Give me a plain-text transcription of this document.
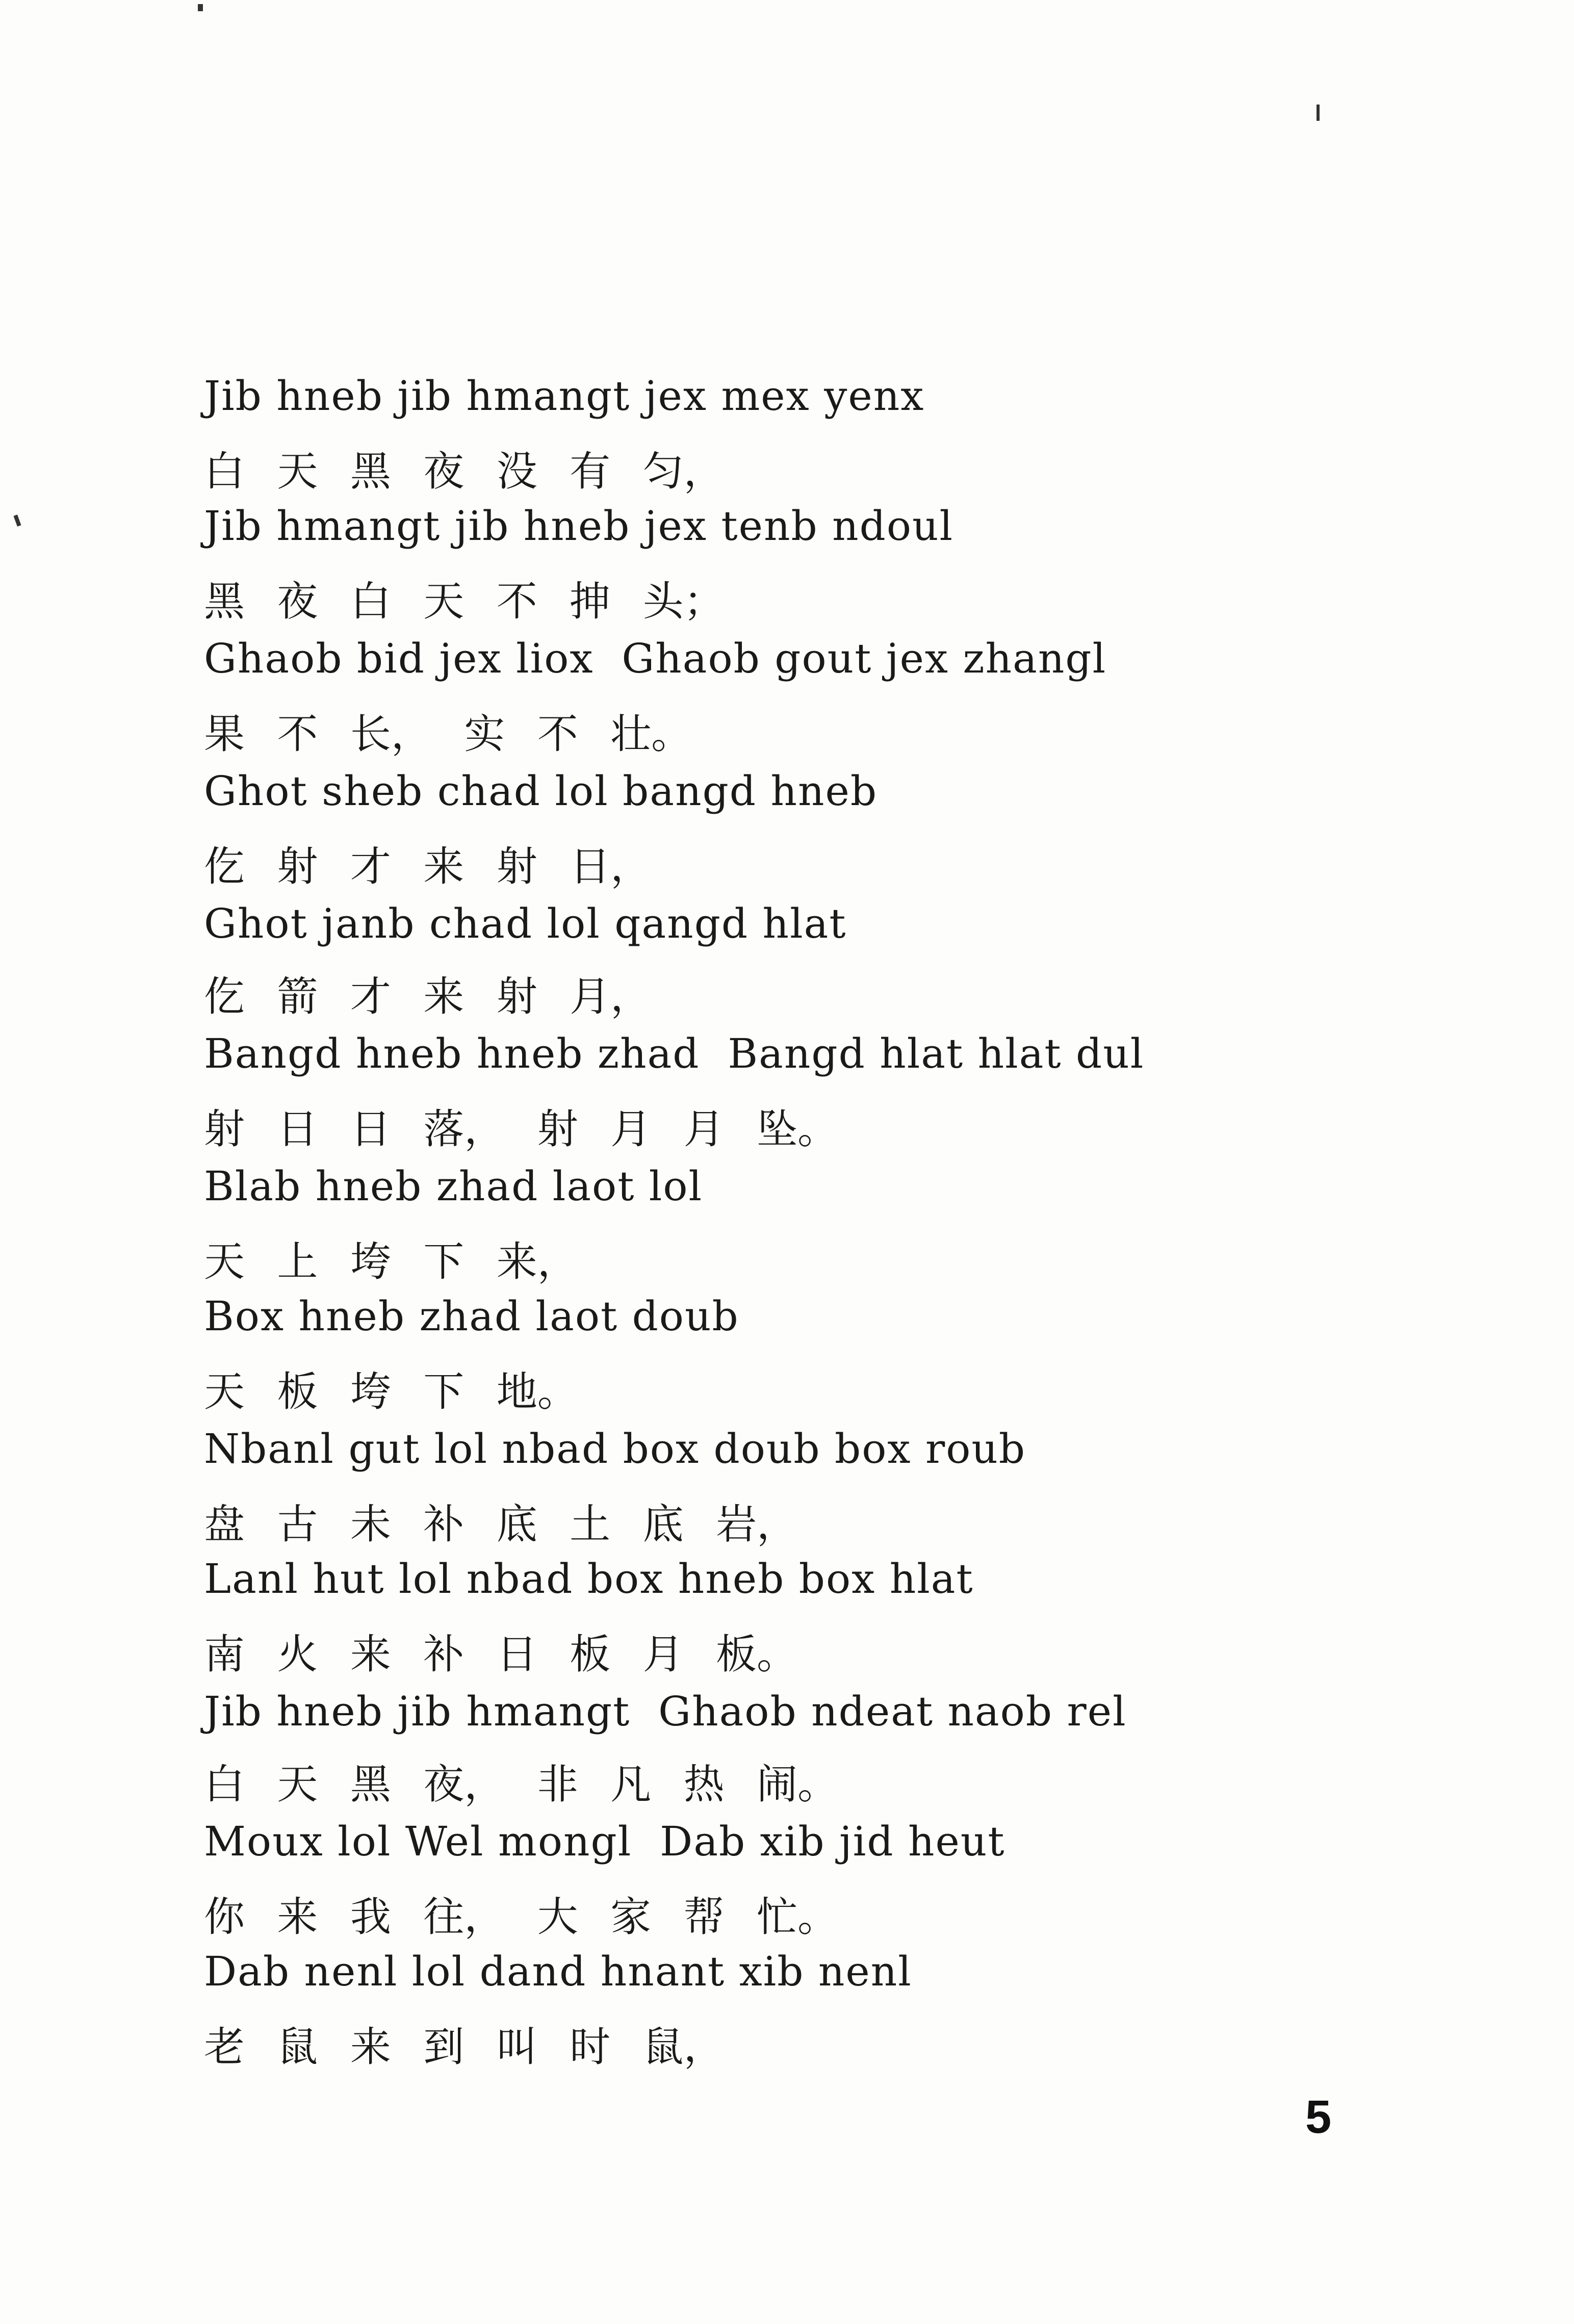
Jib hneb jib hmangt jex mex yenx
白 天 黑 夜 没 有 匀，
Jib hmangt jib hneb jex tenb ndoul
黑 夜 白 天 不 抻 头；
Ghaob bid jex liox  Ghaob gout jex zhangl
果 不 长， 实 不 壮。
Ghot sheb chad lol bangd hneb
仡 射 才 来 射 日，
Ghot janb chad lol qangd hlat
仡 箭 才 来 射 月，
Bangd hneb hneb zhad  Bangd hlat hlat dul
射 日 日 落， 射 月 月 坠。
Blab hneb zhad laot lol
天 上 垮 下 来，
Box hneb zhad laot doub
天 板 垮 下 地。
Nbanl gut lol nbad box doub box roub
盘 古 未 补 底 土 底 岩，
Lanl hut lol nbad box hneb box hlat
南 火 来 补 日 板 月 板。
Jib hneb jib hmangt  Ghaob ndeat naob rel
白 天 黑 夜， 非 凡 热 闹。
Moux lol Wel mongl  Dab xib jid heut
你 来 我 往， 大 家 帮 忙。
Dab nenl lol dand hnant xib nenl
老 鼠 来 到 叫 时 鼠，
5
